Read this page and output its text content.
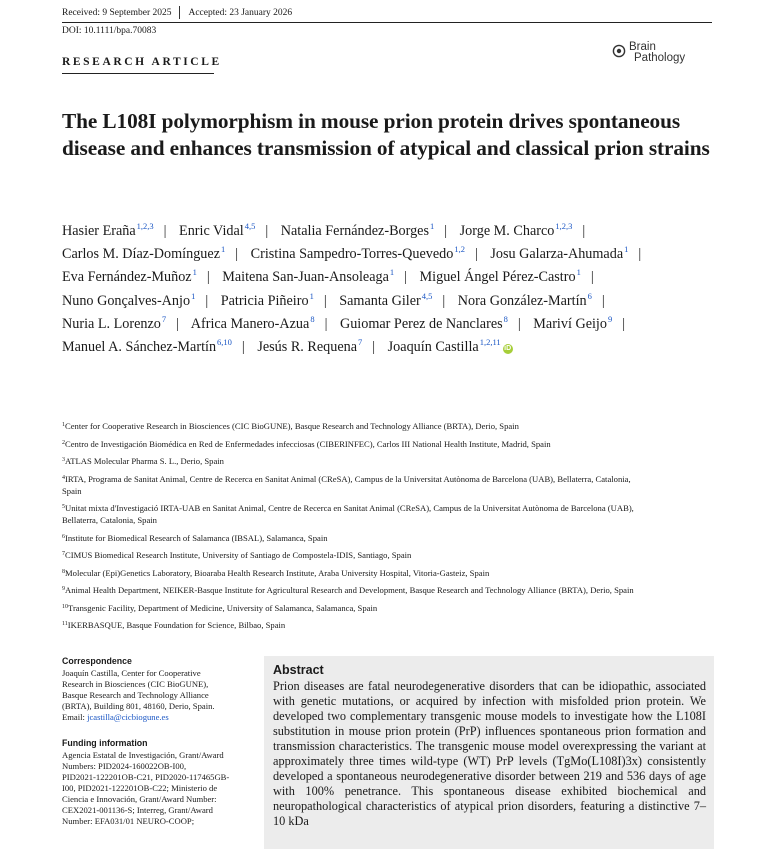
Received: 9 September 2025 Accepted: 23 January 2026
DOI: 10.1111/bpa.70083
RESEARCH ARTICLE
Brain
Pathology
The L108I polymorphism in mouse prion protein drives spontaneous disease and enhances transmission of atypical and classical prion strains

Hasier Eraña$^{1,2,3}$ | Enric Vidal$^{4,5}$ | Natalia Fernández-Borges$^1$ | Jorge M. Charco$^{1,2,3}$ | Carlos M. Díaz-Domínguez$^1$ | Cristina Sampedro-Torres-Quevedo$^{1,2}$ | Josu Galarza-Ahumada$^1$ | Eva Fernández-Muñoz$^1$ | Maitena San-Juan-Ansoleaga$^1$ | Miguel Ángel Pérez-Castro$^1$ | Nuno Gonçalves-Anjo$^1$ | Patricia Piñeiro$^1$ | Samanta Giler$^{4,5}$ | Nora González-Martín$^6$ | Nuria L. Lorenzo$^7$ | Africa Manero-Azua$^8$ | Guiomar Perez de Nanclares$^8$ | Mariví Geijo$^9$ | Manuel A. Sánchez-Martín$^{6,10}$ | Jesús R. Requena$^7$ | Joaquín Castilla$^{1,2,11}$iD

$^1$Center for Cooperative Research in Biosciences (CIC BioGUNE), Basque Research and Technology Alliance (BRTA), Derio, Spain
$^2$Centro de Investigación Biomédica en Red de Enfermedades infecciosas (CIBERINFEC), Carlos III National Health Institute, Madrid, Spain
$^3$ATLAS Molecular Pharma S. L., Derio, Spain
$^4$IRTA, Programa de Sanitat Animal, Centre de Recerca en Sanitat Animal (CReSA), Campus de la Universitat Autònoma de Barcelona (UAB), Bellaterra, Catalonia,
Spain
$^5$Unitat mixta d'Investigació IRTA-UAB en Sanitat Animal, Centre de Recerca en Sanitat Animal (CReSA), Campus de la Universitat Autònoma de Barcelona (UAB),
Bellaterra, Catalonia, Spain
$^6$Institute for Biomedical Research of Salamanca (IBSAL), Salamanca, Spain
$^7$CIMUS Biomedical Research Institute, University of Santiago de Compostela-IDIS, Santiago, Spain
$^8$Molecular (Epi)Genetics Laboratory, Bioaraba Health Research Institute, Araba University Hospital, Vitoria-Gasteiz, Spain
$^9$Animal Health Department, NEIKER-Basque Institute for Agricultural Research and Development, Basque Research and Technology Alliance (BRTA), Derio, Spain
$^{10}$Transgenic Facility, Department of Medicine, University of Salamanca, Salamanca, Spain
$^{11}$IKERBASQUE, Basque Foundation for Science, Bilbao, Spain
Correspondence
Joaquín Castilla, Center for Cooperative
Research in Biosciences (CIC BioGUNE),
Basque Research and Technology Alliance
(BRTA), Building 801, 48160, Derio, Spain.
Email: jcastilla@cicbiogune.es
Funding information
Agencia Estatal de Investigación, Grant/Award
Numbers: PID2024-160022OB-I00,
PID2021-122201OB-C21, PID2020-117465GB-
I00, PID2021-122201OB-C22; Ministerio de
Ciencia e Innovación, Grant/Award Number:
CEX2021-001136-S; Interreg, Grant/Award
Number: EFA031/01 NEURO-COOP;
Abstract

Prion diseases are fatal neurodegenerative disorders that can be idiopathic, associated with genetic mutations, or acquired by infection with misfolded prion protein. We developed two complementary transgenic mouse models to investigate how the L108I substitution in mouse prion protein (PrP) influences spontaneous prion formation and transmission characteristics. The transgenic mouse model overexpressing the variant at approximately three times wild-type (WT) PrP levels (TgMo(L108I)3x) consistently developed a spontaneous neurodegenerative disorder between 219 and 536 days of age with 100% penetrance. This spontaneous disease exhibited biochemical and neuropathological characteristics of atypical prion disorders, featuring a distinctive 7–10 kDa
